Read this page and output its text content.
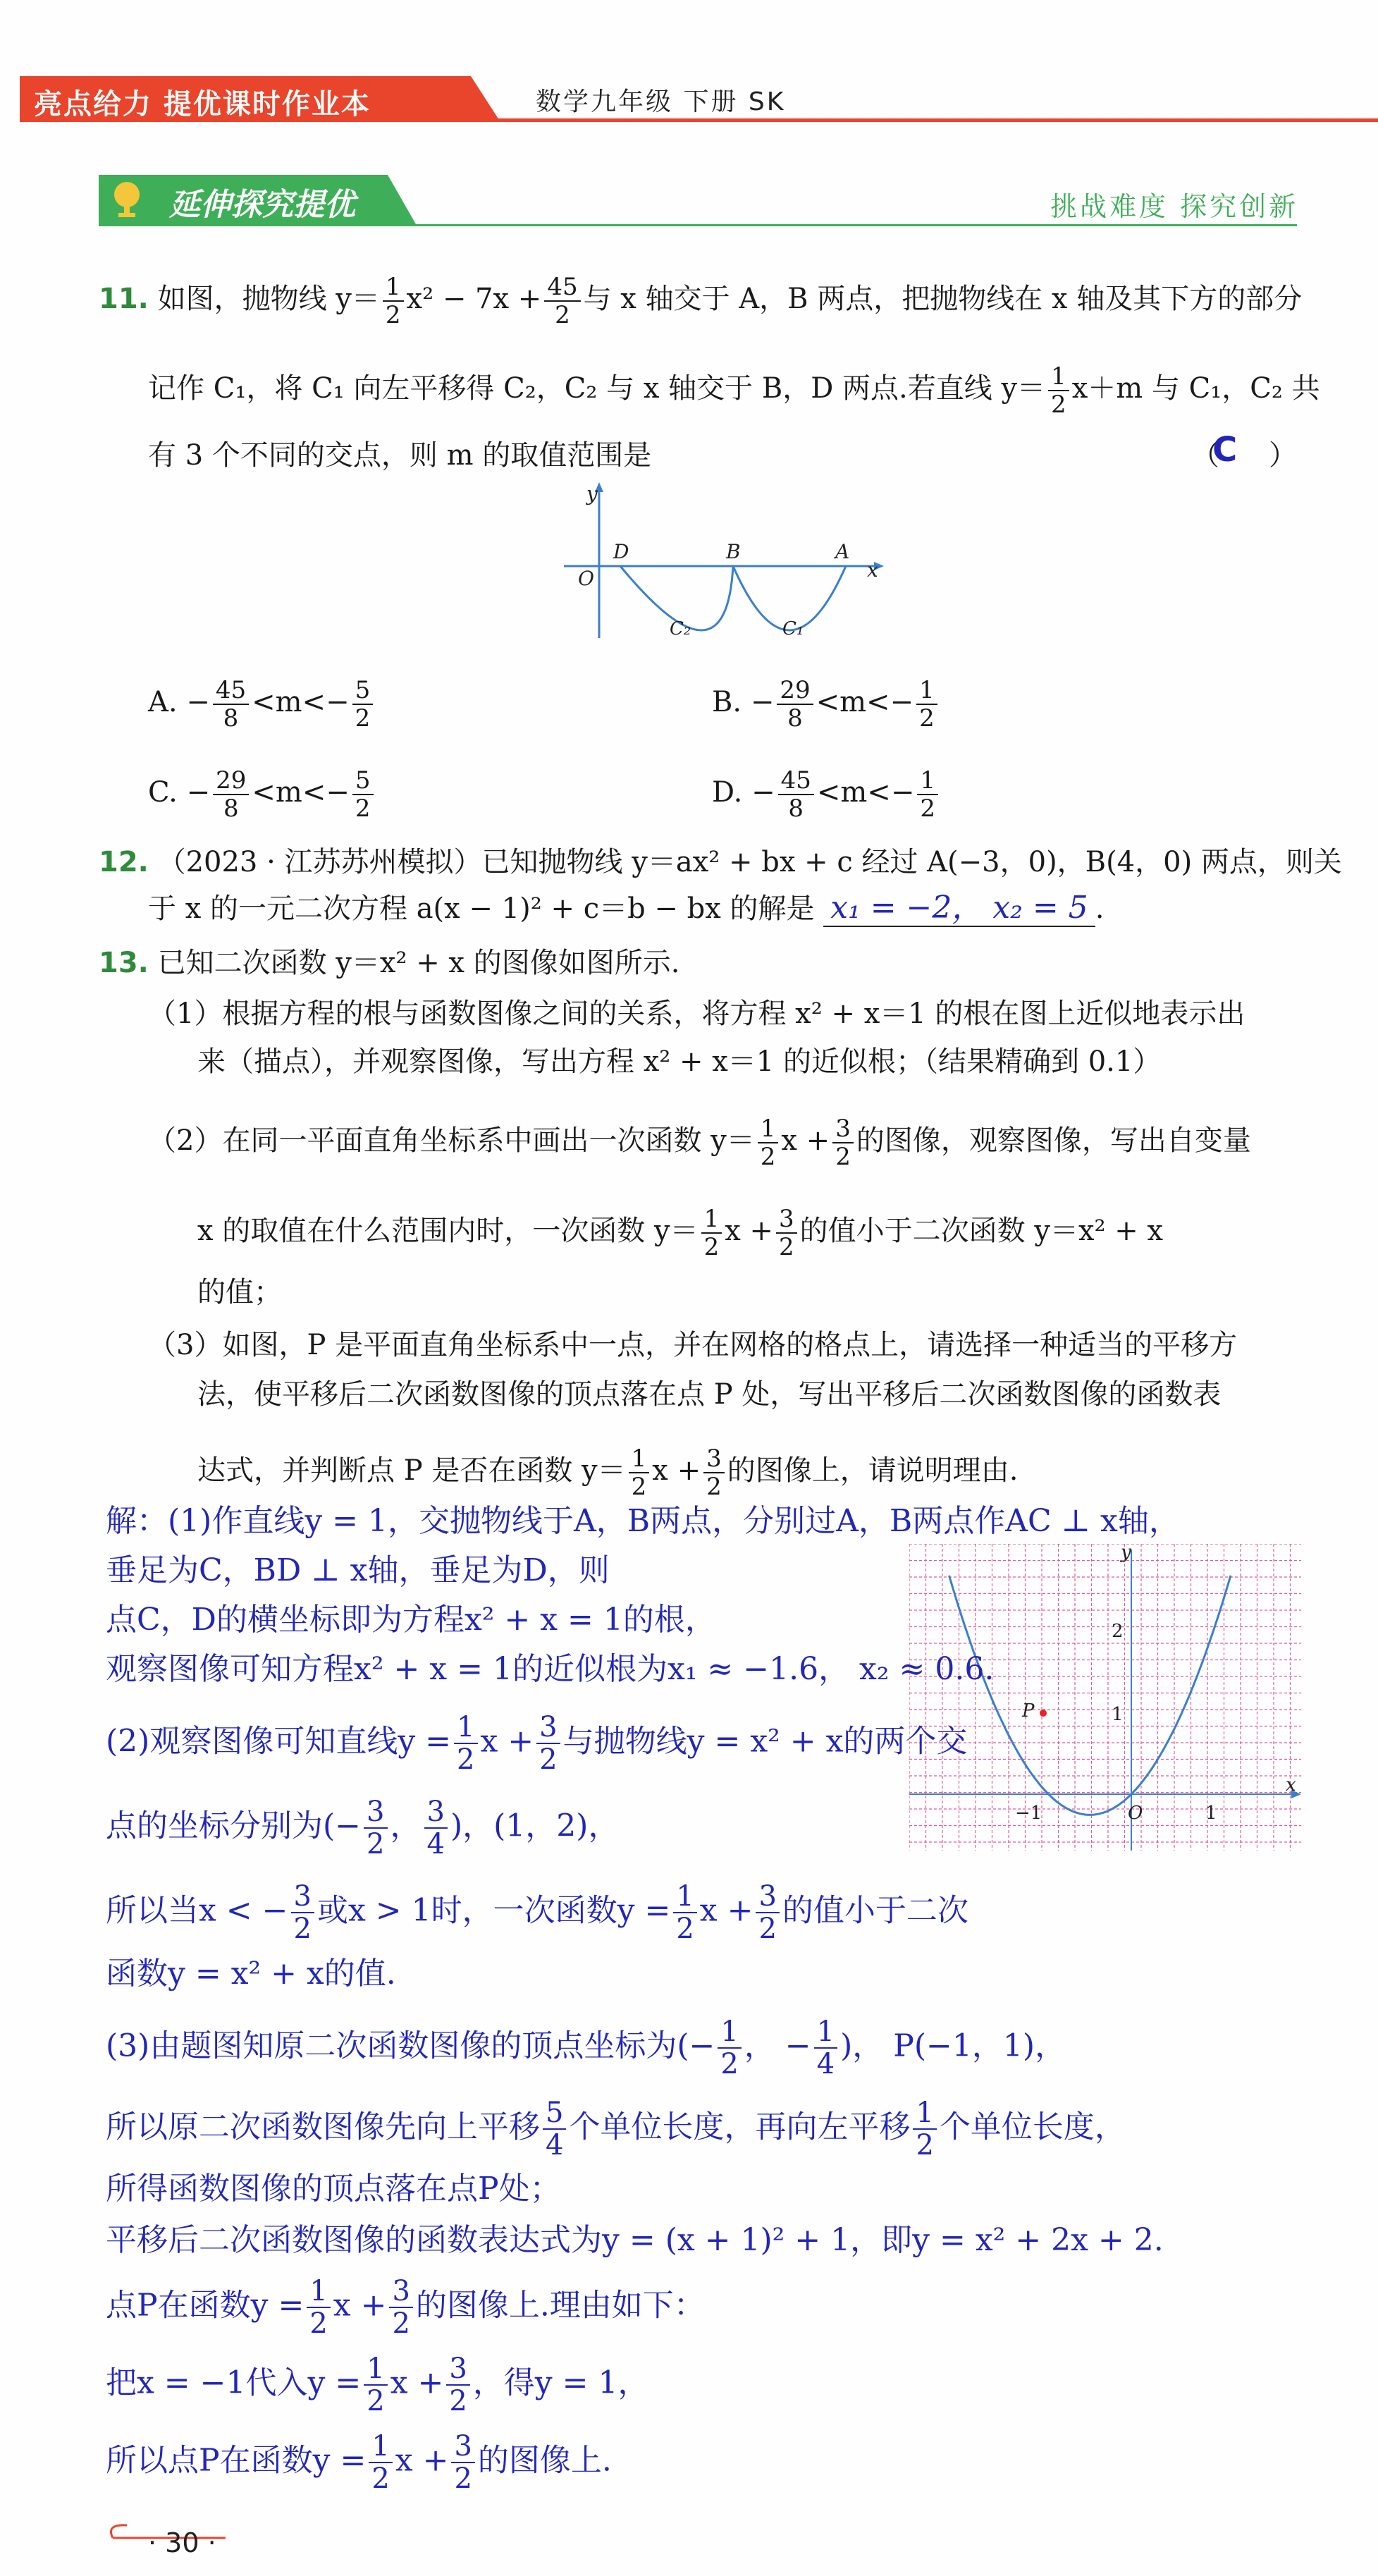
亮点给力 提优课时作业本	数学九年级 下册 SK
延伸探究提优	挑战难度 探究创新
11. 如图，抛物线 $y= \frac{1}{2} x^2 - 7x + \frac{45}{2}$ 与 x 轴交于 A，B 两点，把抛物线在 x 轴及其下方的部分
记作 C₁，将 C₁ 向左平移得 C₂，C₂ 与 x 轴交于 B，D 两点.若直线 $y= \frac{1}{2} x+m$ 与 C₁，C₂ 共
有 3 个不同的交点，则 m 的取值范围是	（
C ）
y
x
O
D	B	A
C₂	C₁
A. − $\frac{45}{8} <m<- \frac{5}{2}$	B. − $\frac{29}{8} <m<- \frac{1}{2}$
C. − $\frac{29}{8} <m<- \frac{5}{2}$	D. − $\frac{45}{8} <m<- \frac{1}{2}$
12. （2023 · 江苏苏州模拟）已知抛物线 y＝ax² + bx + c 经过 A(−3，0)，B(4，0) 两点，则关
于 x 的一元二次方程 a(x − 1)² + c＝b − bx 的解是 x₁ = −2， x₂ = 5 .
13. 已知二次函数 y＝x² + x 的图像如图所示.
（1）根据方程的根与函数图像之间的关系，将方程 x² + x＝1 的根在图上近似地表示出
来（描点），并观察图像，写出方程 x² + x＝1 的近似根；（结果精确到 0.1）
（2）在同一平面直角坐标系中画出一次函数 $y= \frac{1}{2}$ $x + \frac{3}{2}$ 的图像，观察图像，写出自变量
x 的取值在什么范围内时，一次函数 $y= \frac{1}{2}$ $x + \frac{3}{2}$ 的值小于二次函数 y＝x² + x
的值；
（3）如图，P 是平面直角坐标系中一点，并在网格的格点上，请选择一种适当的平移方
法，使平移后二次函数图像的顶点落在点 P 处，写出平移后二次函数图像的函数表
达式，并判断点 P 是否在函数 $y= \frac{1}{2}$ $x + \frac{3}{2}$ 的图像上，请说明理由.
y
x
O
P
2
1
−1	1
解：(1)作直线y = 1，交抛物线于A，B两点，分别过A，B两点作AC ⊥ x轴，
垂足为C，BD ⊥ x轴，垂足为D，则
点C，D的横坐标即为方程x² + x = 1的根，
观察图像可知方程x² + x = 1的近似根为x₁ ≈ −1.6， x₂ ≈ 0.6.
(2)观察图像可知直线$y = \frac{1}{2}$ $x + \frac{3}{2}$ 与抛物线y = x² + x的两个交
点的坐标分别为(− $\frac{3}{2}$ ， $\frac{3}{4}$ )，(1，2)，
所以当x < − $\frac{3}{2}$ 或x > 1时，一次函数$y = \frac{1}{2}$ $x + \frac{3}{2}$ 的值小于二次
函数y = x² + x的值.
(3)由题图知原二次函数图像的顶点坐标为(− $\frac{1}{2}$ ， − $\frac{1}{4}$ )， P(−1，1)，
所以原二次函数图像先向上平移 $\frac{5}{4}$ 个单位长度，再向左平移 $\frac{1}{2}$ 个单位长度，
所得函数图像的顶点落在点P处；
平移后二次函数图像的函数表达式为y = (x + 1)² + 1，即y = x² + 2x + 2.
点P在函数$y = \frac{1}{2}$ $x + \frac{3}{2}$ 的图像上.理由如下：
把x = −1代入$y = \frac{1}{2}$ $x + \frac{3}{2}$ ，得y = 1，
所以点P在函数$y = \frac{1}{2}$ $x + \frac{3}{2}$ 的图像上.
· 30 ·
